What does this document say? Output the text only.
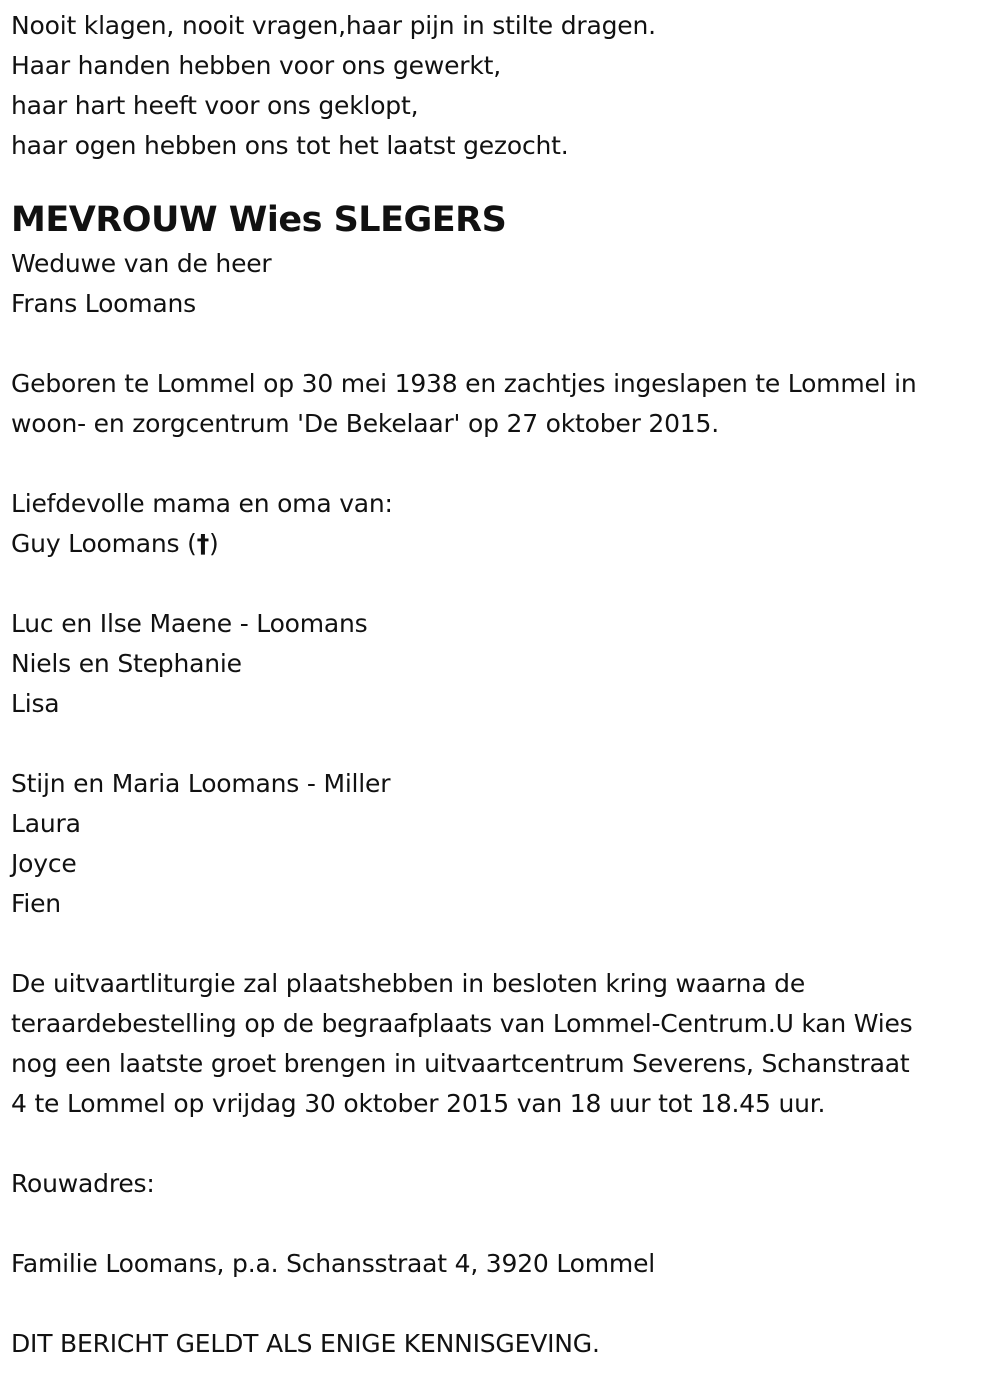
Nooit klagen, nooit vragen,haar pijn in stilte dragen.
Haar handen hebben voor ons gewerkt,
haar hart heeft voor ons geklopt,
haar ogen hebben ons tot het laatst gezocht.
MEVROUW Wies SLEGERS
Weduwe van de heer
Frans Loomans
Geboren te Lommel op 30 mei 1938 en zachtjes ingeslapen te Lommel in
woon- en zorgcentrum 'De Bekelaar' op 27 oktober 2015.
Liefdevolle mama en oma van:
Guy Loomans (†)
Luc en Ilse Maene - Loomans
Niels en Stephanie
Lisa
Stijn en Maria Loomans - Miller
Laura
Joyce
Fien
De uitvaartliturgie zal plaatshebben in besloten kring waarna de
teraardebestelling op de begraafplaats van Lommel-Centrum.U kan Wies
nog een laatste groet brengen in uitvaartcentrum Severens, Schanstraat
4 te Lommel op vrijdag 30 oktober 2015 van 18 uur tot 18.45 uur.
Rouwadres:
Familie Loomans, p.a. Schansstraat 4, 3920 Lommel
DIT BERICHT GELDT ALS ENIGE KENNISGEVING.
